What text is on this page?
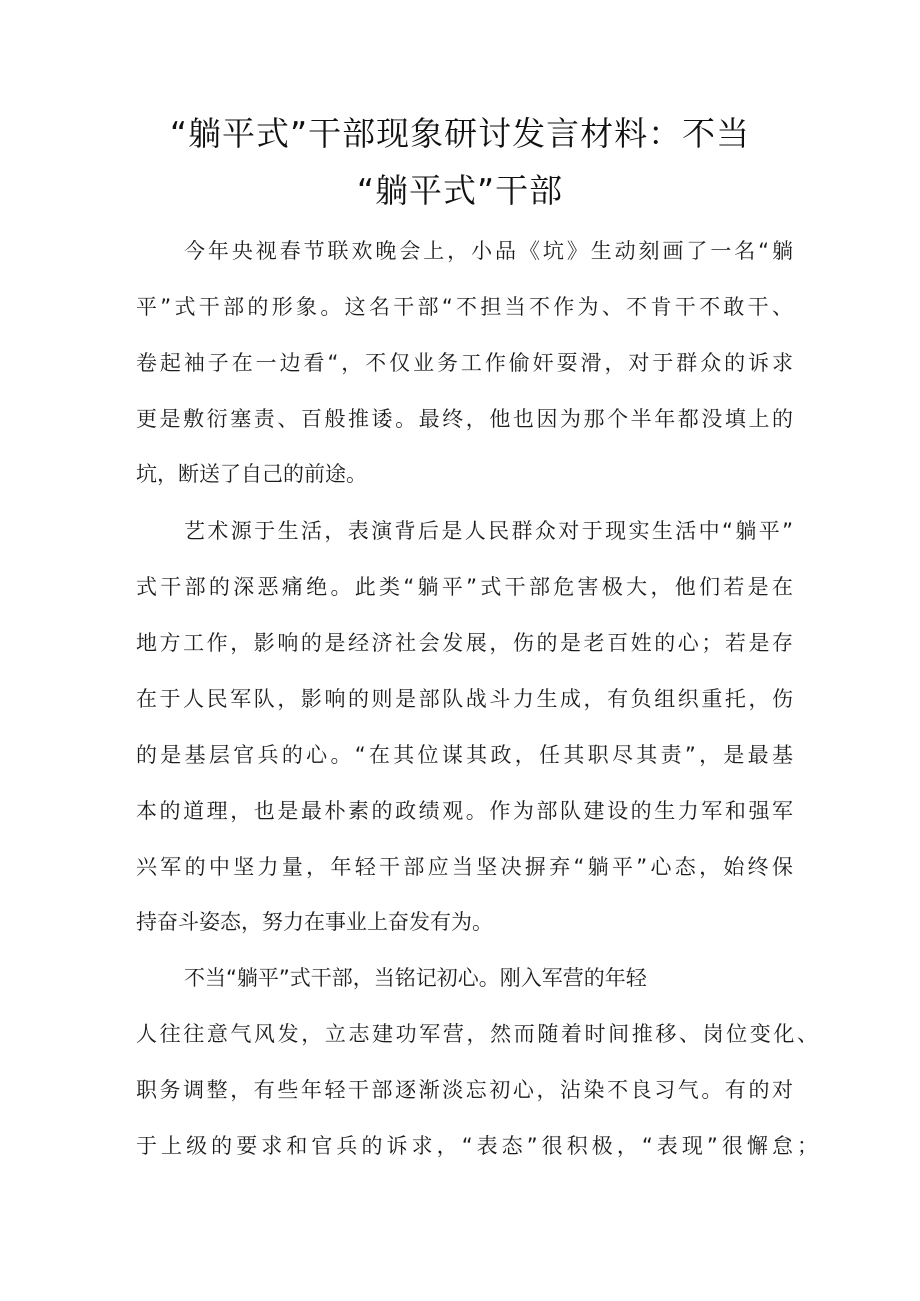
“躺平式”干部现象研讨发言材料：不当
“躺平式”干部
今年央视春节联欢晚会上，小品《坑》生动刻画了一名“躺
平”式干部的形象。这名干部“不担当不作为、不肯干不敢干、
卷起袖子在一边看“，不仅业务工作偷奸耍滑，对于群众的诉求
更是敷衍塞责、百般推诿。最终，他也因为那个半年都没填上的
坑，断送了自己的前途。
艺术源于生活，表演背后是人民群众对于现实生活中“躺平”
式干部的深恶痛绝。此类“躺平”式干部危害极大，他们若是在
地方工作，影响的是经济社会发展，伤的是老百姓的心；若是存
在于人民军队，影响的则是部队战斗力生成，有负组织重托，伤
的是基层官兵的心。“在其位谋其政，任其职尽其责”，是最基
本的道理，也是最朴素的政绩观。作为部队建设的生力军和强军
兴军的中坚力量，年轻干部应当坚决摒弃“躺平”心态，始终保
持奋斗姿态，努力在事业上奋发有为。
不当“躺平”式干部，当铭记初心。刚入军营的年轻
人往往意气风发，立志建功军营，然而随着时间推移、岗位变化、
职务调整，有些年轻干部逐渐淡忘初心，沾染不良习气。有的对
于上级的要求和官兵的诉求，“表态”很积极，“表现”很懈怠；
